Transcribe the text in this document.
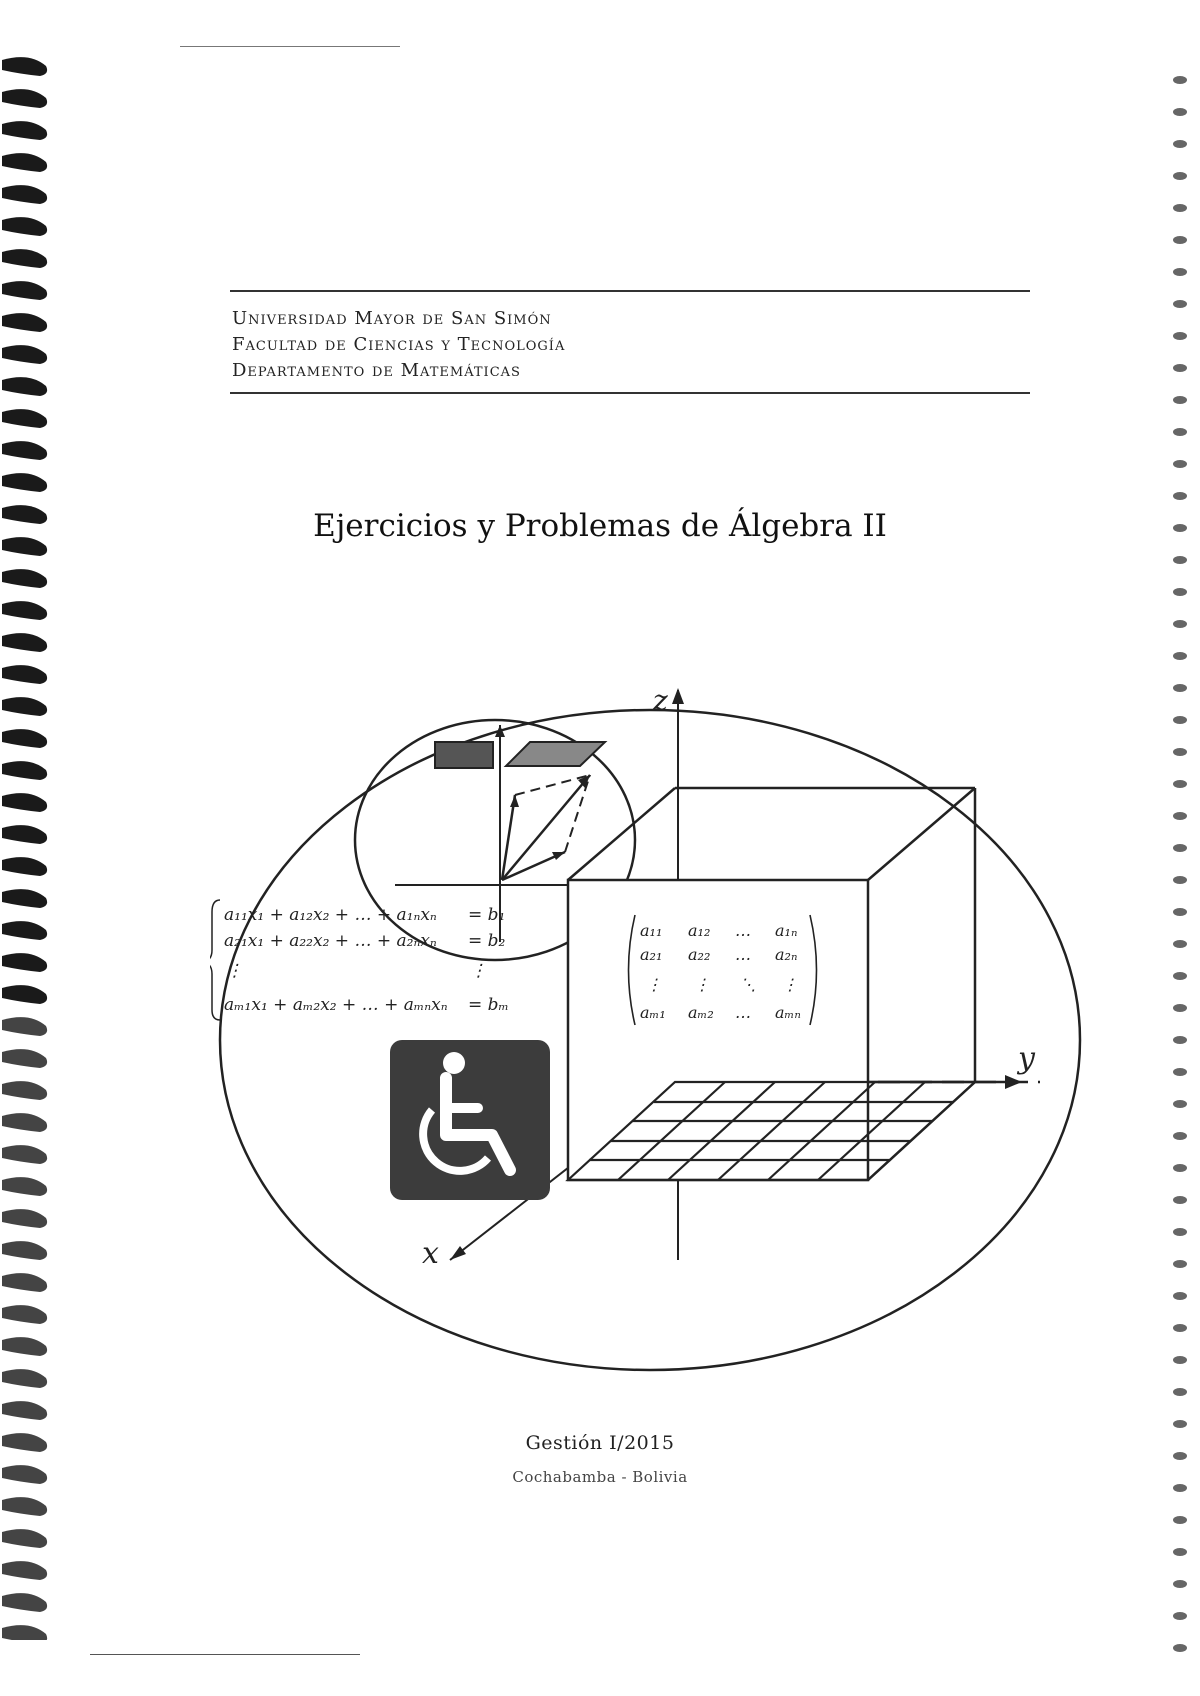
Universidad Mayor de San Simón
Facultad de Ciencias y Tecnología
Departamento de Matemáticas
Ejercicios y Problemas de Álgebra II
z
y
x
a₁₁x₁ + a₁₂x₂ + … + a₁ₙxₙ = b₁
a₂₁x₁ + a₂₂x₂ + … + a₂ₙxₙ = b₂
⋮	⋮
aₘ₁x₁ + aₘ₂x₂ + … + aₘₙxₙ = bₘ
a₁₁ a₁₂ … a₁ₙ
a₂₁ a₂₂ … a₂ₙ
⋮ ⋮ ⋱ ⋮
aₘ₁ aₘ₂ … aₘₙ
Gestión I/2015
Cochabamba - Bolivia
